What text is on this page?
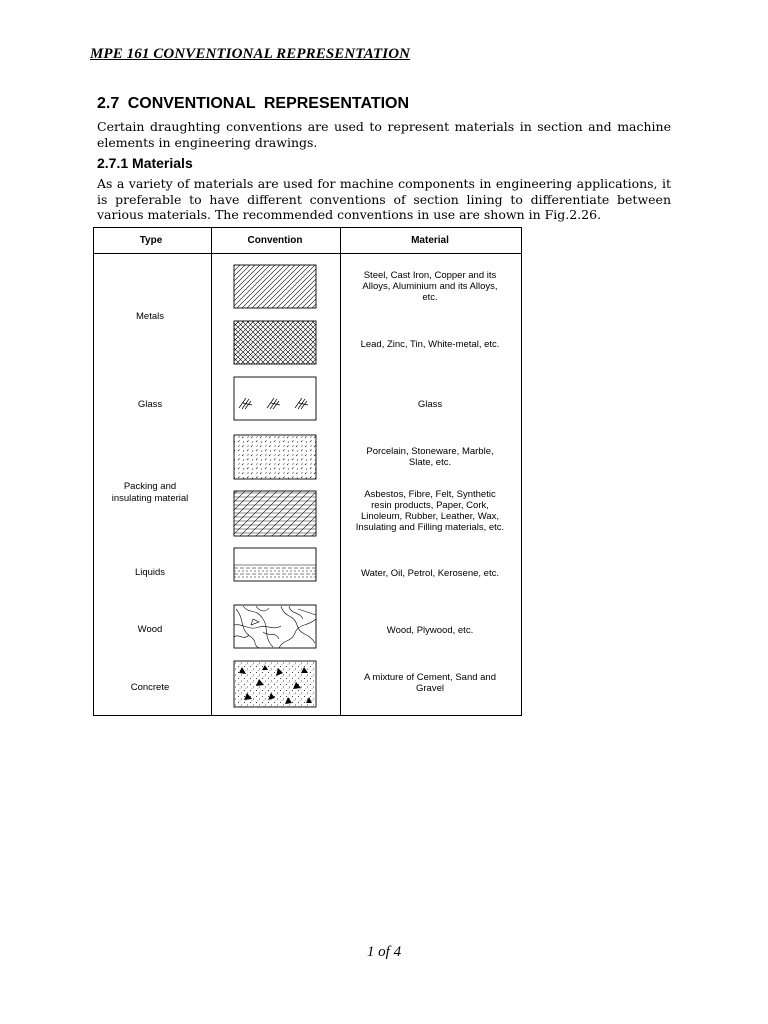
MPE 161 CONVENTIONAL REPRESENTATION
2.7 CONVENTIONAL REPRESENTATION
Certain draughting conventions are used to represent materials in section and machine elements in engineering drawings.
2.7.1 Materials
As a variety of materials are used for machine components in engineering applications, it is preferable to have different conventions of section lining to differentiate between various materials. The recommended conventions in use are shown in Fig.2.26.
Type	Convention	Material
Metals
Glass
Packing and
insulating material
Liquids
Wood
Concrete
Steel, Cast Iron, Copper and its
Alloys, Aluminium and its Alloys,
etc.
Lead, Zinc, Tin, White-metal, etc.
Glass
Porcelain, Stoneware, Marble,
Slate, etc.
Asbestos, Fibre, Felt, Synthetic
resin products, Paper, Cork,
Linoleum, Rubber, Leather, Wax,
Insulating and Filling materials, etc.
Water, Oil, Petrol, Kerosene, etc.
Wood, Plywood, etc.
A mixture of Cement, Sand and
Gravel
1 of 4
